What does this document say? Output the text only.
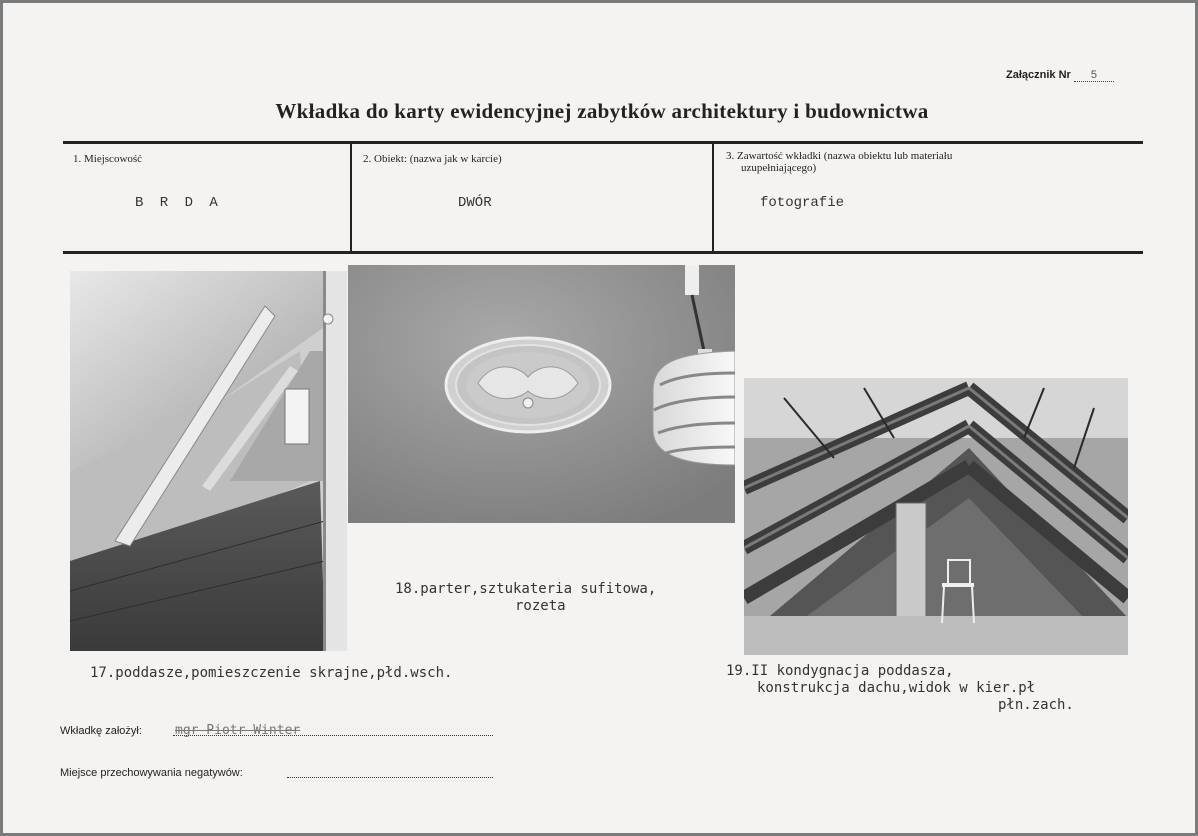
Załącznik Nr 5
Wkładka do karty ewidencyjnej zabytków architektury i budownictwa
1. Miejscowość
B R D A
2. Obiekt: (nazwa jak w karcie)
DWÓR
3. Zawartość wkładki (nazwa obiektu lub materiału
uzupełniającego)
fotografie
17.poddasze,pomieszczenie skrajne,płd.wsch.
18.parter,sztukateria sufitowa,
rozeta
19.II kondygnacja poddasza,
konstrukcja dachu,widok w kier.pł
płn.zach.
Wkładkę założył:	mgr Piotr Winter
Miejsce przechowywania negatywów:
